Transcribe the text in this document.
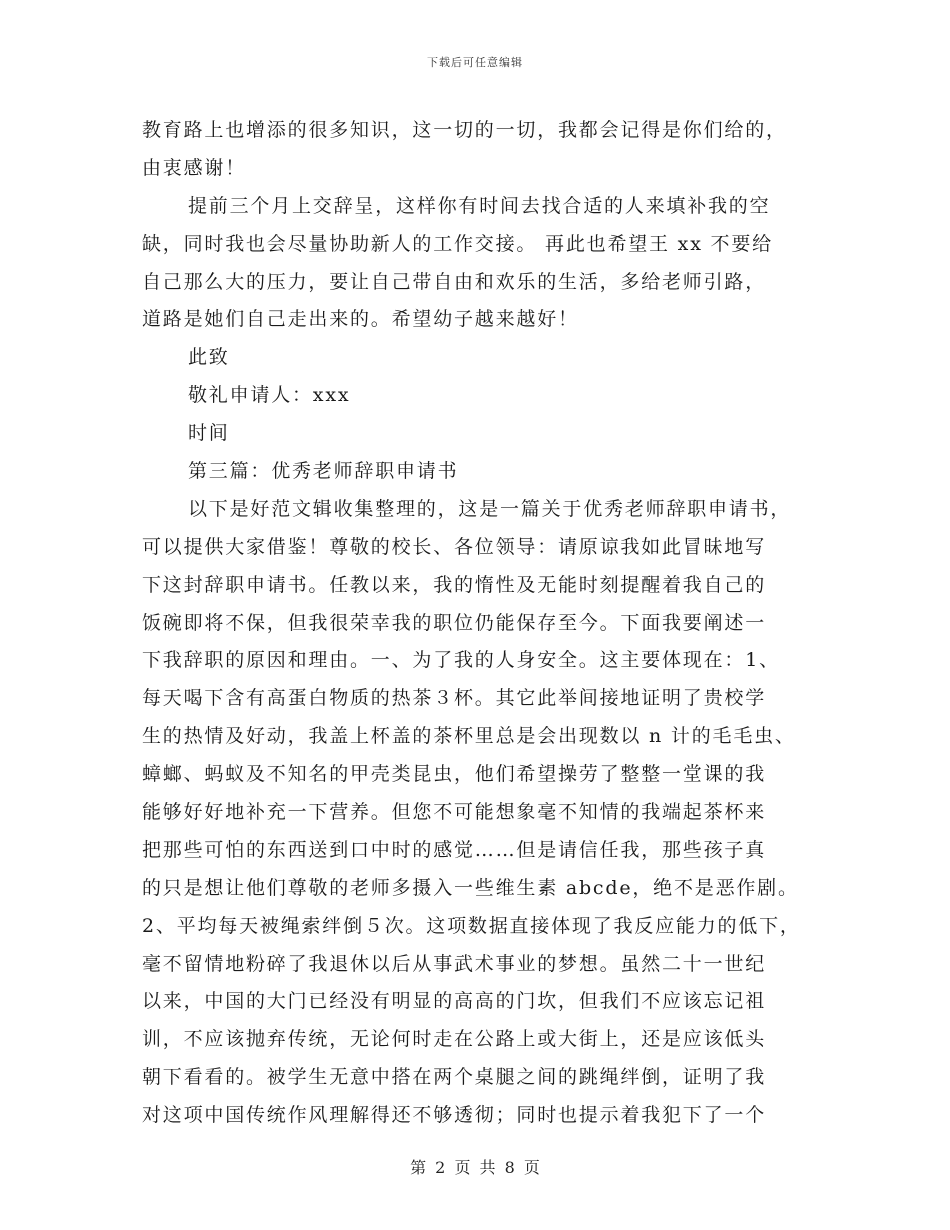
下载后可任意编辑
教育路上也增添的很多知识，这一切的一切，我都会记得是你们给的，
由衷感谢！
提前三个月上交辞呈，这样你有时间去找合适的人来填补我的空
缺，同时我也会尽量协助新人的工作交接。 再此也希望王 xx 不要给
自己那么大的压力，要让自己带自由和欢乐的生活，多给老师引路，
道路是她们自己走出来的。希望幼子越来越好！
此致
敬礼申请人：xxx
时间
第三篇：优秀老师辞职申请书
以下是好范文辑收集整理的，这是一篇关于优秀老师辞职申请书，
可以提供大家借鉴！尊敬的校长、各位领导：请原谅我如此冒昧地写
下这封辞职申请书。任教以来，我的惰性及无能时刻提醒着我自己的
饭碗即将不保，但我很荣幸我的职位仍能保存至今。下面我要阐述一
下我辞职的原因和理由。一、为了我的人身安全。这主要体现在：1、
每天喝下含有高蛋白物质的热茶３杯。其它此举间接地证明了贵校学
生的热情及好动，我盖上杯盖的茶杯里总是会出现数以 n 计的毛毛虫、
蟑螂、蚂蚁及不知名的甲壳类昆虫，他们希望操劳了整整一堂课的我
能够好好地补充一下营养。但您不可能想象毫不知情的我端起茶杯来
把那些可怕的东西送到口中时的感觉……但是请信任我，那些孩子真
的只是想让他们尊敬的老师多摄入一些维生素 abcde，绝不是恶作剧。
2、平均每天被绳索绊倒５次。这项数据直接体现了我反应能力的低下，
毫不留情地粉碎了我退休以后从事武术事业的梦想。虽然二十一世纪
以来，中国的大门已经没有明显的高高的门坎，但我们不应该忘记祖
训，不应该抛弃传统，无论何时走在公路上或大街上，还是应该低头
朝下看看的。被学生无意中搭在两个桌腿之间的跳绳绊倒，证明了我
对这项中国传统作风理解得还不够透彻；同时也提示着我犯下了一个
第 2 页 共 8 页
